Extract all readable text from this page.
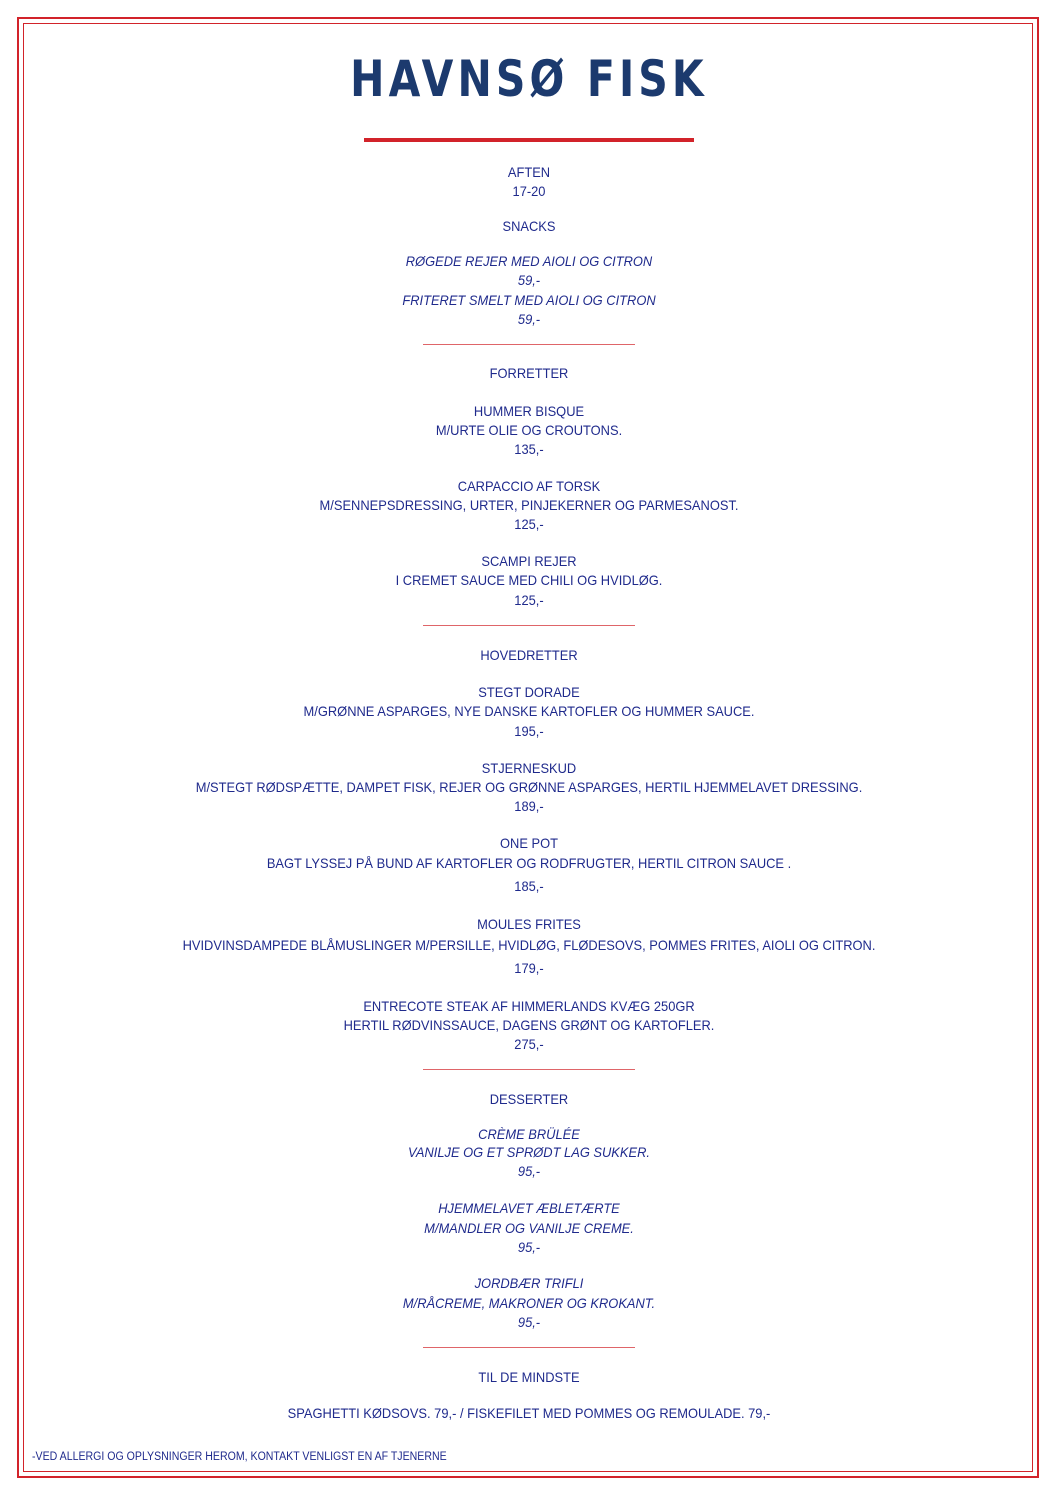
HAVNSØ FISK
AFTEN
17-20
SNACKS
RØGEDE REJER MED AIOLI OG CITRON
59,-
FRITERET SMELT MED AIOLI OG CITRON
59,-
FORRETTER
HUMMER BISQUE
M/URTE OLIE OG CROUTONS.
135,-
CARPACCIO AF TORSK
M/SENNEPSDRESSING, URTER, PINJEKERNER OG PARMESANOST.
125,-
SCAMPI REJER
I CREMET SAUCE MED CHILI OG HVIDLØG.
125,-
HOVEDRETTER
STEGT DORADE
M/GRØNNE ASPARGES, NYE DANSKE KARTOFLER OG HUMMER SAUCE.
195,-
STJERNESKUD
M/STEGT RØDSPÆTTE, DAMPET FISK, REJER OG GRØNNE ASPARGES, HERTIL HJEMMELAVET DRESSING.
189,-
ONE POT
BAGT LYSSEJ PÅ BUND AF KARTOFLER OG RODFRUGTER, HERTIL CITRON SAUCE .
185,-
MOULES FRITES
HVIDVINSDAMPEDE BLÅMUSLINGER M/PERSILLE, HVIDLØG, FLØDESOVS, POMMES FRITES, AIOLI OG CITRON.
179,-
ENTRECOTE STEAK AF HIMMERLANDS KVÆG 250GR
HERTIL RØDVINSSAUCE, DAGENS GRØNT OG KARTOFLER.
275,-
DESSERTER
CRÈME BRÜLÉE
VANILJE OG ET SPRØDT LAG SUKKER.
95,-
HJEMMELAVET ÆBLETÆRTE
M/MANDLER OG VANILJE CREME.
95,-
JORDBÆR TRIFLI
M/RÅCREME, MAKRONER OG KROKANT.
95,-
TIL DE MINDSTE
SPAGHETTI KØDSOVS. 79,- / FISKEFILET MED POMMES OG REMOULADE. 79,-
-VED ALLERGI OG OPLYSNINGER HEROM, KONTAKT VENLIGST EN AF TJENERNE
